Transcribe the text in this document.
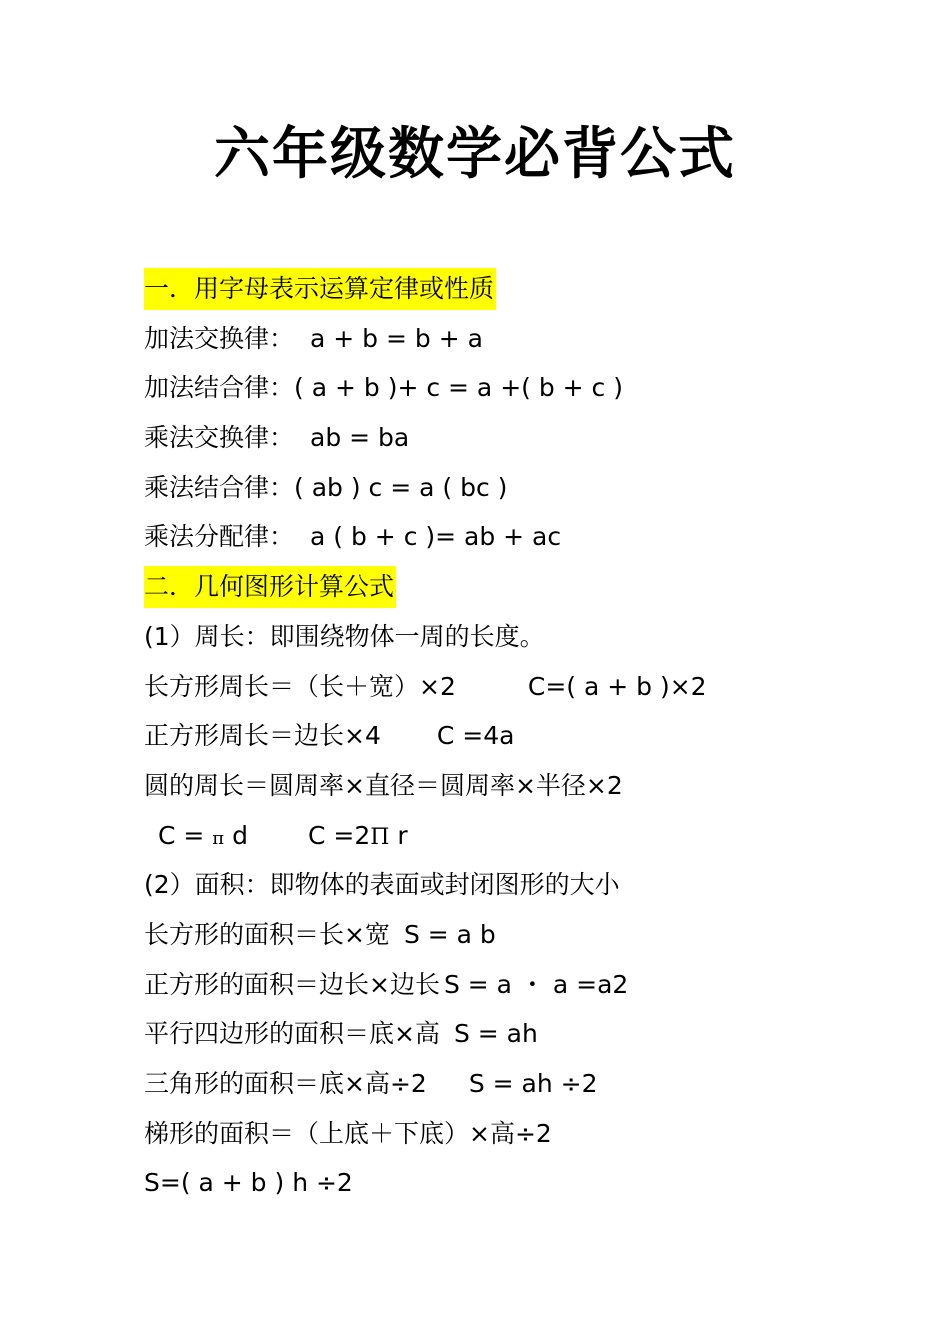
六年级数学必背公式
一．用字母表示运算定律或性质
加法交换律： a + b = b + a
加法结合律：( a + b )+ c = a +( b + c )
乘法交换律： ab = ba
乘法结合律：( ab ) c = a ( bc )
乘法分配律： a ( b + c )= ab + ac
二．几何图形计算公式
(1）周长：即围绕物体一周的长度。
长方形周长＝（长＋宽）×2	C=( a + b )×2
正方形周长＝边长×4 C =4a
圆的周长＝圆周率×直径＝圆周率×半径×2
C = π d C =2Π r
(2）面积：即物体的表面或封闭图形的大小
长方形的面积＝长×宽 S = a b
正方形的面积＝边长×边长 S = a ・ a =a2
平行四边形的面积＝底×高 S = ah
三角形的面积＝底×高÷2 S = ah ÷2
梯形的面积＝（上底＋下底）×高÷2
S=( a + b ) h ÷2
